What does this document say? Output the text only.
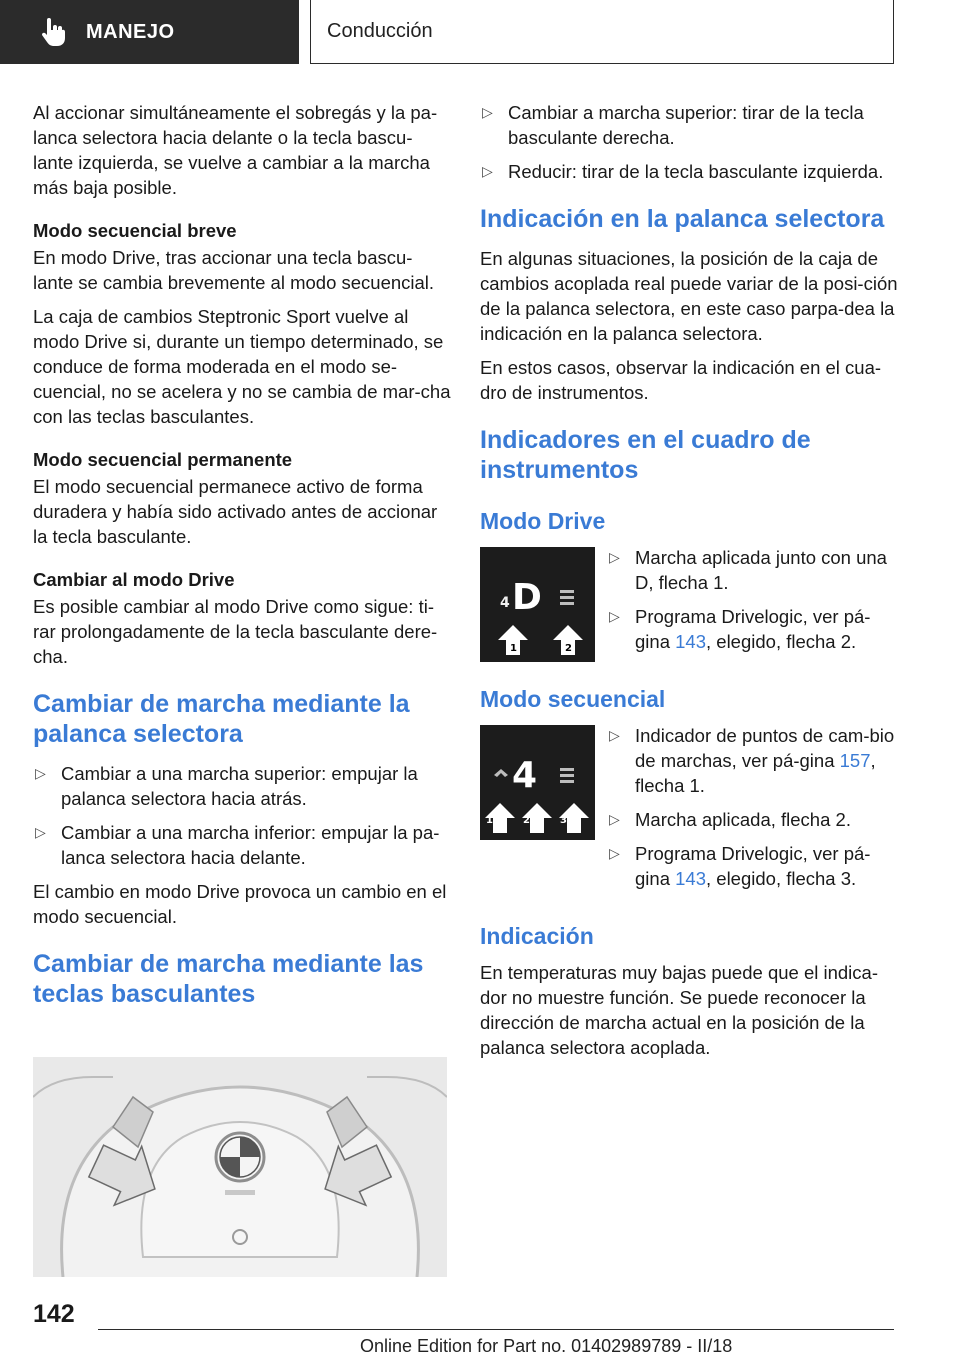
MANEJO	Conducción

Al accionar simultáneamente el sobregás y la pa-lanca selectora hacia delante o la tecla bascu-lante izquierda, se vuelve a cambiar a la marcha más baja posible.

Modo secuencial breve

En modo Drive, tras accionar una tecla bascu-lante se cambia brevemente al modo secuencial.

La caja de cambios Steptronic Sport vuelve al modo Drive si, durante un tiempo determinado, se conduce de forma moderada en el modo se-cuencial, no se acelera y no se cambia de mar-cha con las teclas basculantes.

Modo secuencial permanente

El modo secuencial permanece activo de forma duradera y había sido activado antes de accionar la tecla basculante.

Cambiar al modo Drive

Es posible cambiar al modo Drive como sigue: ti-rar prolongadamente de la tecla basculante dere-cha.

Cambiar de marcha mediante la palanca selectora
▷ Cambiar a una marcha superior: empujar la palanca selectora hacia atrás.
▷ Cambiar a una marcha inferior: empujar la pa-lanca selectora hacia delante.

El cambio en modo Drive provoca un cambio en el modo secuencial.

Cambiar de marcha mediante las teclas basculantes
▷ Cambiar a marcha superior: tirar de la tecla basculante derecha.
▷ Reducir: tirar de la tecla basculante izquierda.
Indicación en la palanca selectora

En algunas situaciones, la posición de la caja de cambios acoplada real puede variar de la posi-ción de la palanca selectora, en este caso parpa-dea la indicación en la palanca selectora.

En estos casos, observar la indicación en el cua-dro de instrumentos.

Indicadores en el cuadro de instrumentos
Modo Drive
4 D
1	2
▷ Marcha aplicada junto con una D, flecha 1.
▷ Programa Drivelogic, ver pá-gina 143, elegido, flecha 2.
Modo secuencial
4
1	2	3
▷ Indicador de puntos de cam-bio de marchas, ver pá-gina 157, flecha 1.
▷ Marcha aplicada, flecha 2.
▷ Programa Drivelogic, ver pá-gina 143, elegido, flecha 3.
Indicación

En temperaturas muy bajas puede que el indica-dor no muestre función. Se puede reconocer la dirección de marcha actual en la posición de la palanca selectora acoplada.

142
Online Edition for Part no. 01402989789 - II/18
